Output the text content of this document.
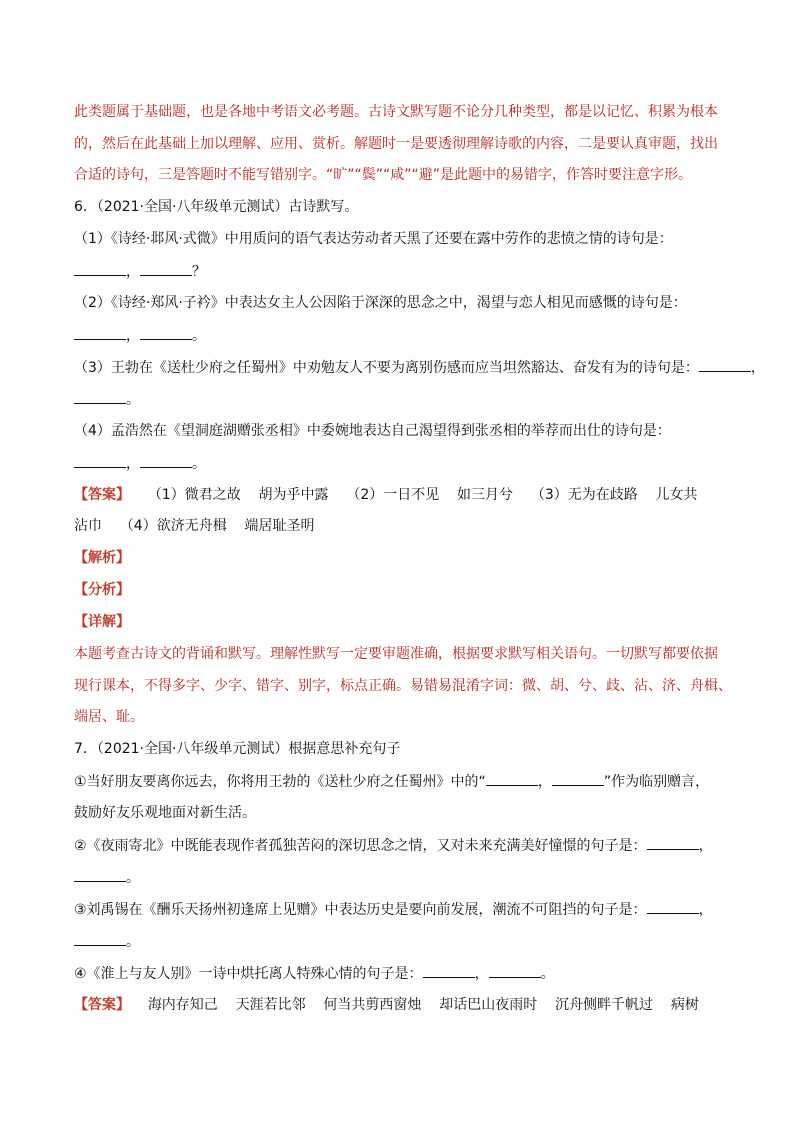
此类题属于基础题，也是各地中考语文必考题。古诗文默写题不论分几种类型，都是以记忆、积累为根本

的，然后在此基础上加以理解、应用、赏析。解题时一是要透彻理解诗歌的内容，二是要认真审题，找出

合适的诗句，三是答题时不能写错别字。“旷”“鬓”“咸”“避”是此题中的易错字，作答时要注意字形。

6．（2021·全国·八年级单元测试）古诗默写。

（1）《诗经·邶风·式微》中用质问的语气表达劳动者天黑了还要在露中劳作的悲愤之情的诗句是：

，	？

（2）《诗经·郑风·子衿》中表达女主人公因陷于深深的思念之中，渴望与恋人相见而感慨的诗句是：

，	。

（3）王勃在《送杜少府之任蜀州》中劝勉友人不要为离别伤感而应当坦然豁达、奋发有为的诗句是：	，

。

（4）孟浩然在《望洞庭湖赠张丞相》中委婉地表达自己渴望得到张丞相的举荐而出仕的诗句是：

，	。

【答案】 （1）微君之故    胡为乎中露    （2）一日不见    如三月兮    （3）无为在歧路    儿女共

沾巾    （4）欲济无舟楫    端居耻圣明

【解析】

【分析】

【详解】

本题考查古诗文的背诵和默写。理解性默写一定要审题准确，根据要求默写相关语句。一切默写都要依据

现行课本，不得多字、少字、错字、别字，标点正确。易错易混淆字词：微、胡、兮、歧、沾、济、舟楫、

端居、耻。

7．（2021·全国·八年级单元测试）根据意思补充句子

①当好朋友要离你远去，你将用王勃的《送杜少府之任蜀州》中的“	，	”作为临别赠言，

鼓励好友乐观地面对新生活。

②《夜雨寄北》中既能表现作者孤独苦闷的深切思念之情，又对未来充满美好憧憬的句子是：	，

。

③刘禹锡在《酬乐天扬州初逢席上见赠》中表达历史是要向前发展，潮流不可阻挡的句子是：	，

。

④《淮上与友人别》一诗中烘托离人特殊心情的句子是：	，	。

【答案】 海内存知己    天涯若比邻    何当共剪西窗烛    却话巴山夜雨时    沉舟侧畔千帆过    病树
